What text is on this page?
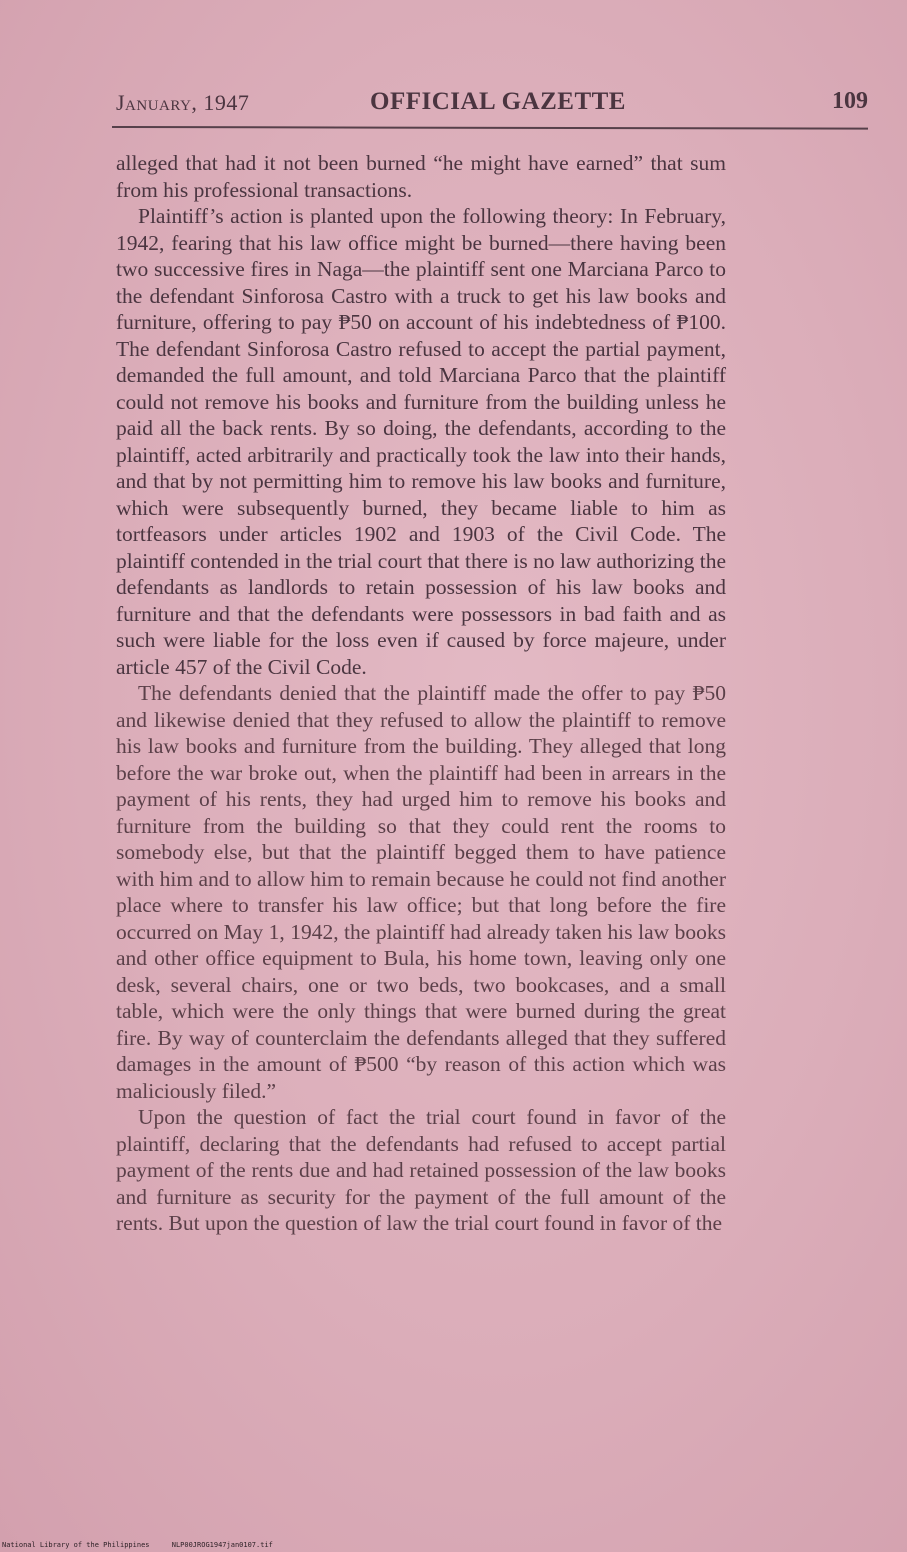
January, 1947	OFFICIAL GAZETTE	109

alleged that had it not been burned “he might have earned” that sum from his professional transactions.

Plaintiff’s action is planted upon the following theory: In February, 1942, fearing that his law office might be burned—there having been two successive fires in Naga—the plaintiff sent one Marciana Parco to the defendant Sinforosa Castro with a truck to get his law books and furniture, offering to pay ₱50 on account of his indebtedness of ₱100. The defendant Sinforosa Castro refused to accept the partial payment, demanded the full amount, and told Marciana Parco that the plaintiff could not remove his books and furniture from the building unless he paid all the back rents. By so doing, the defendants, according to the plaintiff, acted arbitrarily and practically took the law into their hands, and that by not permitting him to remove his law books and furniture, which were subsequently burned, they became liable to him as tortfeasors under articles 1902 and 1903 of the Civil Code. The plaintiff contended in the trial court that there is no law authorizing the defendants as landlords to retain possession of his law books and furniture and that the defendants were possessors in bad faith and as such were liable for the loss even if caused by force majeure, under article 457 of the Civil Code.

The defendants denied that the plaintiff made the offer to pay ₱50 and likewise denied that they refused to allow the plaintiff to remove his law books and furniture from the building. They alleged that long before the war broke out, when the plaintiff had been in arrears in the payment of his rents, they had urged him to remove his books and furniture from the building so that they could rent the rooms to somebody else, but that the plaintiff begged them to have patience with him and to allow him to remain because he could not find another place where to transfer his law office; but that long before the fire occurred on May 1, 1942, the plaintiff had already taken his law books and other office equipment to Bula, his home town, leaving only one desk, several chairs, one or two beds, two bookcases, and a small table, which were the only things that were burned during the great fire. By way of counterclaim the defendants alleged that they suffered damages in the amount of ₱500 “by reason of this action which was maliciously filed.”

Upon the question of fact the trial court found in favor of the plaintiff, declaring that the defendants had refused to accept partial payment of the rents due and had retained possession of the law books and furniture as security for the payment of the full amount of the rents. But upon the question of law the trial court found in favor of the

National Library of the Philippines	NLP00JROG1947jan0107.tif
